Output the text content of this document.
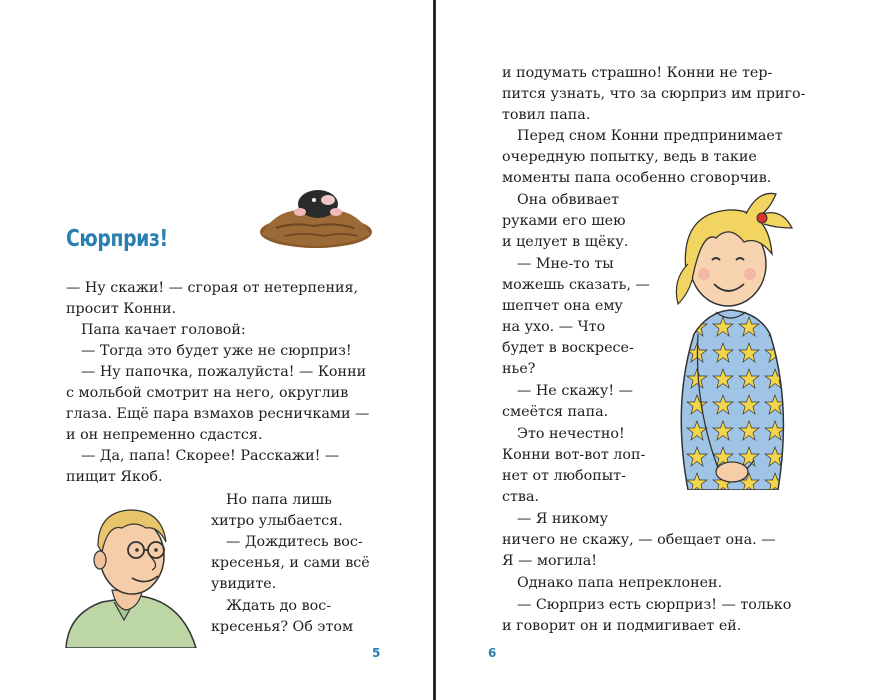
Сюрприз!
— Ну скажи! — сгорая от нетерпения,
просит Конни.
Папа качает головой:
— Тогда это будет уже не сюрприз!
— Ну папочка, пожалуйста! — Конни
с мольбой смотрит на него, округлив
глаза. Ещё пара взмахов ресничками —
и он непременно сдастся.
— Да, папа! Скорее! Расскажи! —
пищит Якоб.
Но папа лишь
хитро улыбается.
— Дождитесь вос-
кресенья, и сами всё
увидите.
Ждать до вос-
кресенья? Об этом
5
и подумать страшно! Конни не тер-
пится узнать, что за сюрприз им приго-
товил папа.
Перед сном Конни предпринимает
очередную попытку, ведь в такие
моменты папа особенно сговорчив.
Она обвивает
руками его шею
и целует в щёку.
— Мне-то ты
можешь сказать, —
шепчет она ему
на ухо. — Что
будет в воскресе-
нье?
— Не скажу! —
смеётся папа.
Это нечестно!
Конни вот-вот лоп-
нет от любопыт-
ства.
— Я никому
ничего не скажу, — обещает она. —
Я — могила!
Однако папа непреклонен.
— Сюрприз есть сюрприз! — только
и говорит он и подмигивает ей.
6
